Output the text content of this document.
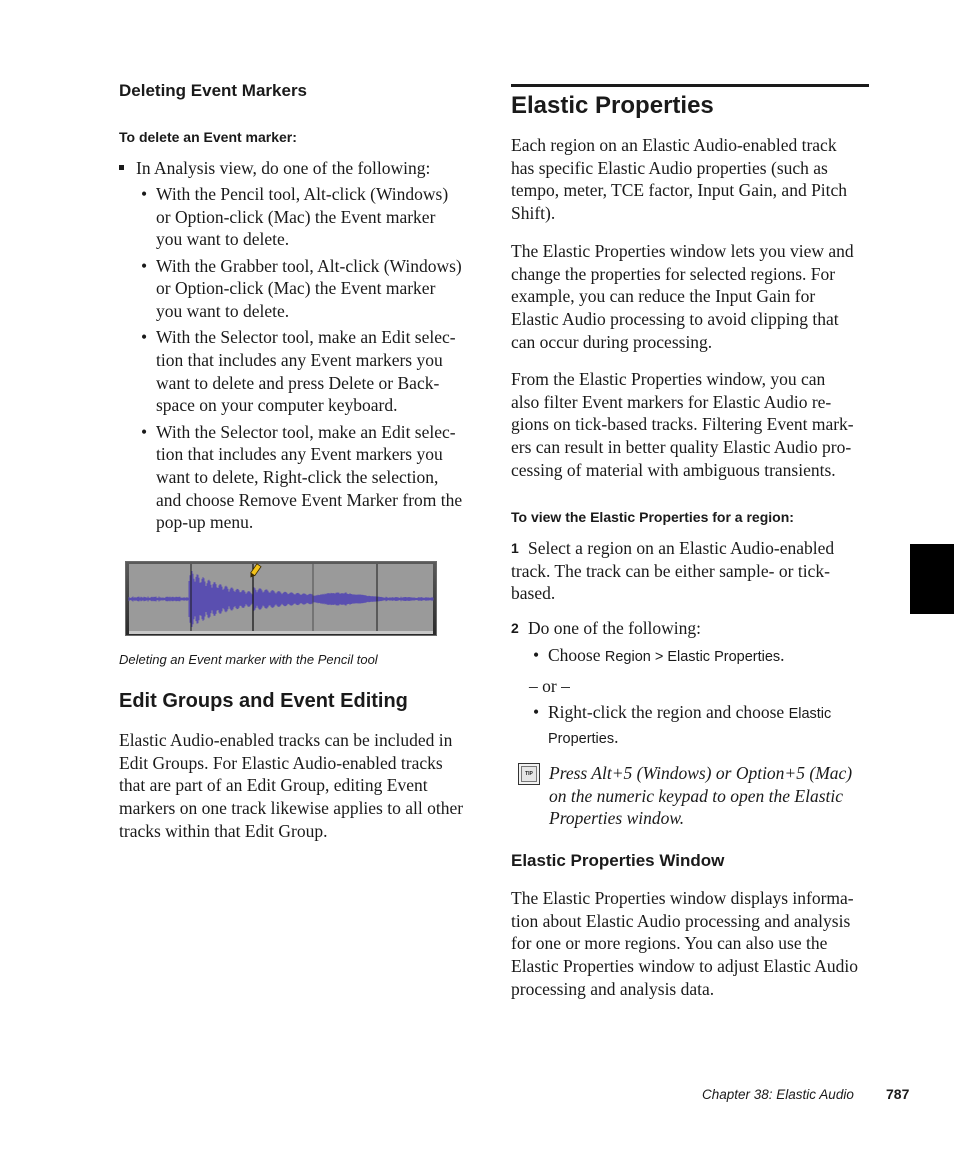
Deleting Event Markers
To delete an Event marker:
In Analysis view, do one of the following:
• With the Pencil tool, Alt-click (Windows)
or Option-click (Mac) the Event marker
you want to delete.
• With the Grabber tool, Alt-click (Windows)
or Option-click (Mac) the Event marker
you want to delete.
• With the Selector tool, make an Edit selec-
tion that includes any Event markers you
want to delete and press Delete or Back-
space on your computer keyboard.
• With the Selector tool, make an Edit selec-
tion that includes any Event markers you
want to delete, Right-click the selection,
and choose Remove Event Marker from the
pop-up menu.
Deleting an Event marker with the Pencil tool
Edit Groups and Event Editing
Elastic Audio-enabled tracks can be included in
Edit Groups. For Elastic Audio-enabled tracks
that are part of an Edit Group, editing Event
markers on one track likewise applies to all other
tracks within that Edit Group.
Elastic Properties
Each region on an Elastic Audio-enabled track
has specific Elastic Audio properties (such as
tempo, meter, TCE factor, Input Gain, and Pitch
Shift).
The Elastic Properties window lets you view and
change the properties for selected regions. For
example, you can reduce the Input Gain for
Elastic Audio processing to avoid clipping that
can occur during processing.
From the Elastic Properties window, you can
also filter Event markers for Elastic Audio re-
gions on tick-based tracks. Filtering Event mark-
ers can result in better quality Elastic Audio pro-
cessing of material with ambiguous transients.
To view the Elastic Properties for a region:
1 Select a region on an Elastic Audio-enabled
track. The track can be either sample- or tick-
based.
2 Do one of the following:
• Choose Region > Elastic Properties.
– or –
• Right-click the region and choose Elastic
Properties.
TIP Press Alt+5 (Windows) or Option+5 (Mac)
on the numeric keypad to open the Elastic
Properties window.
Elastic Properties Window
The Elastic Properties window displays informa-
tion about Elastic Audio processing and analysis
for one or more regions. You can also use the
Elastic Properties window to adjust Elastic Audio
processing and analysis data.
Chapter 38: Elastic Audio 787
